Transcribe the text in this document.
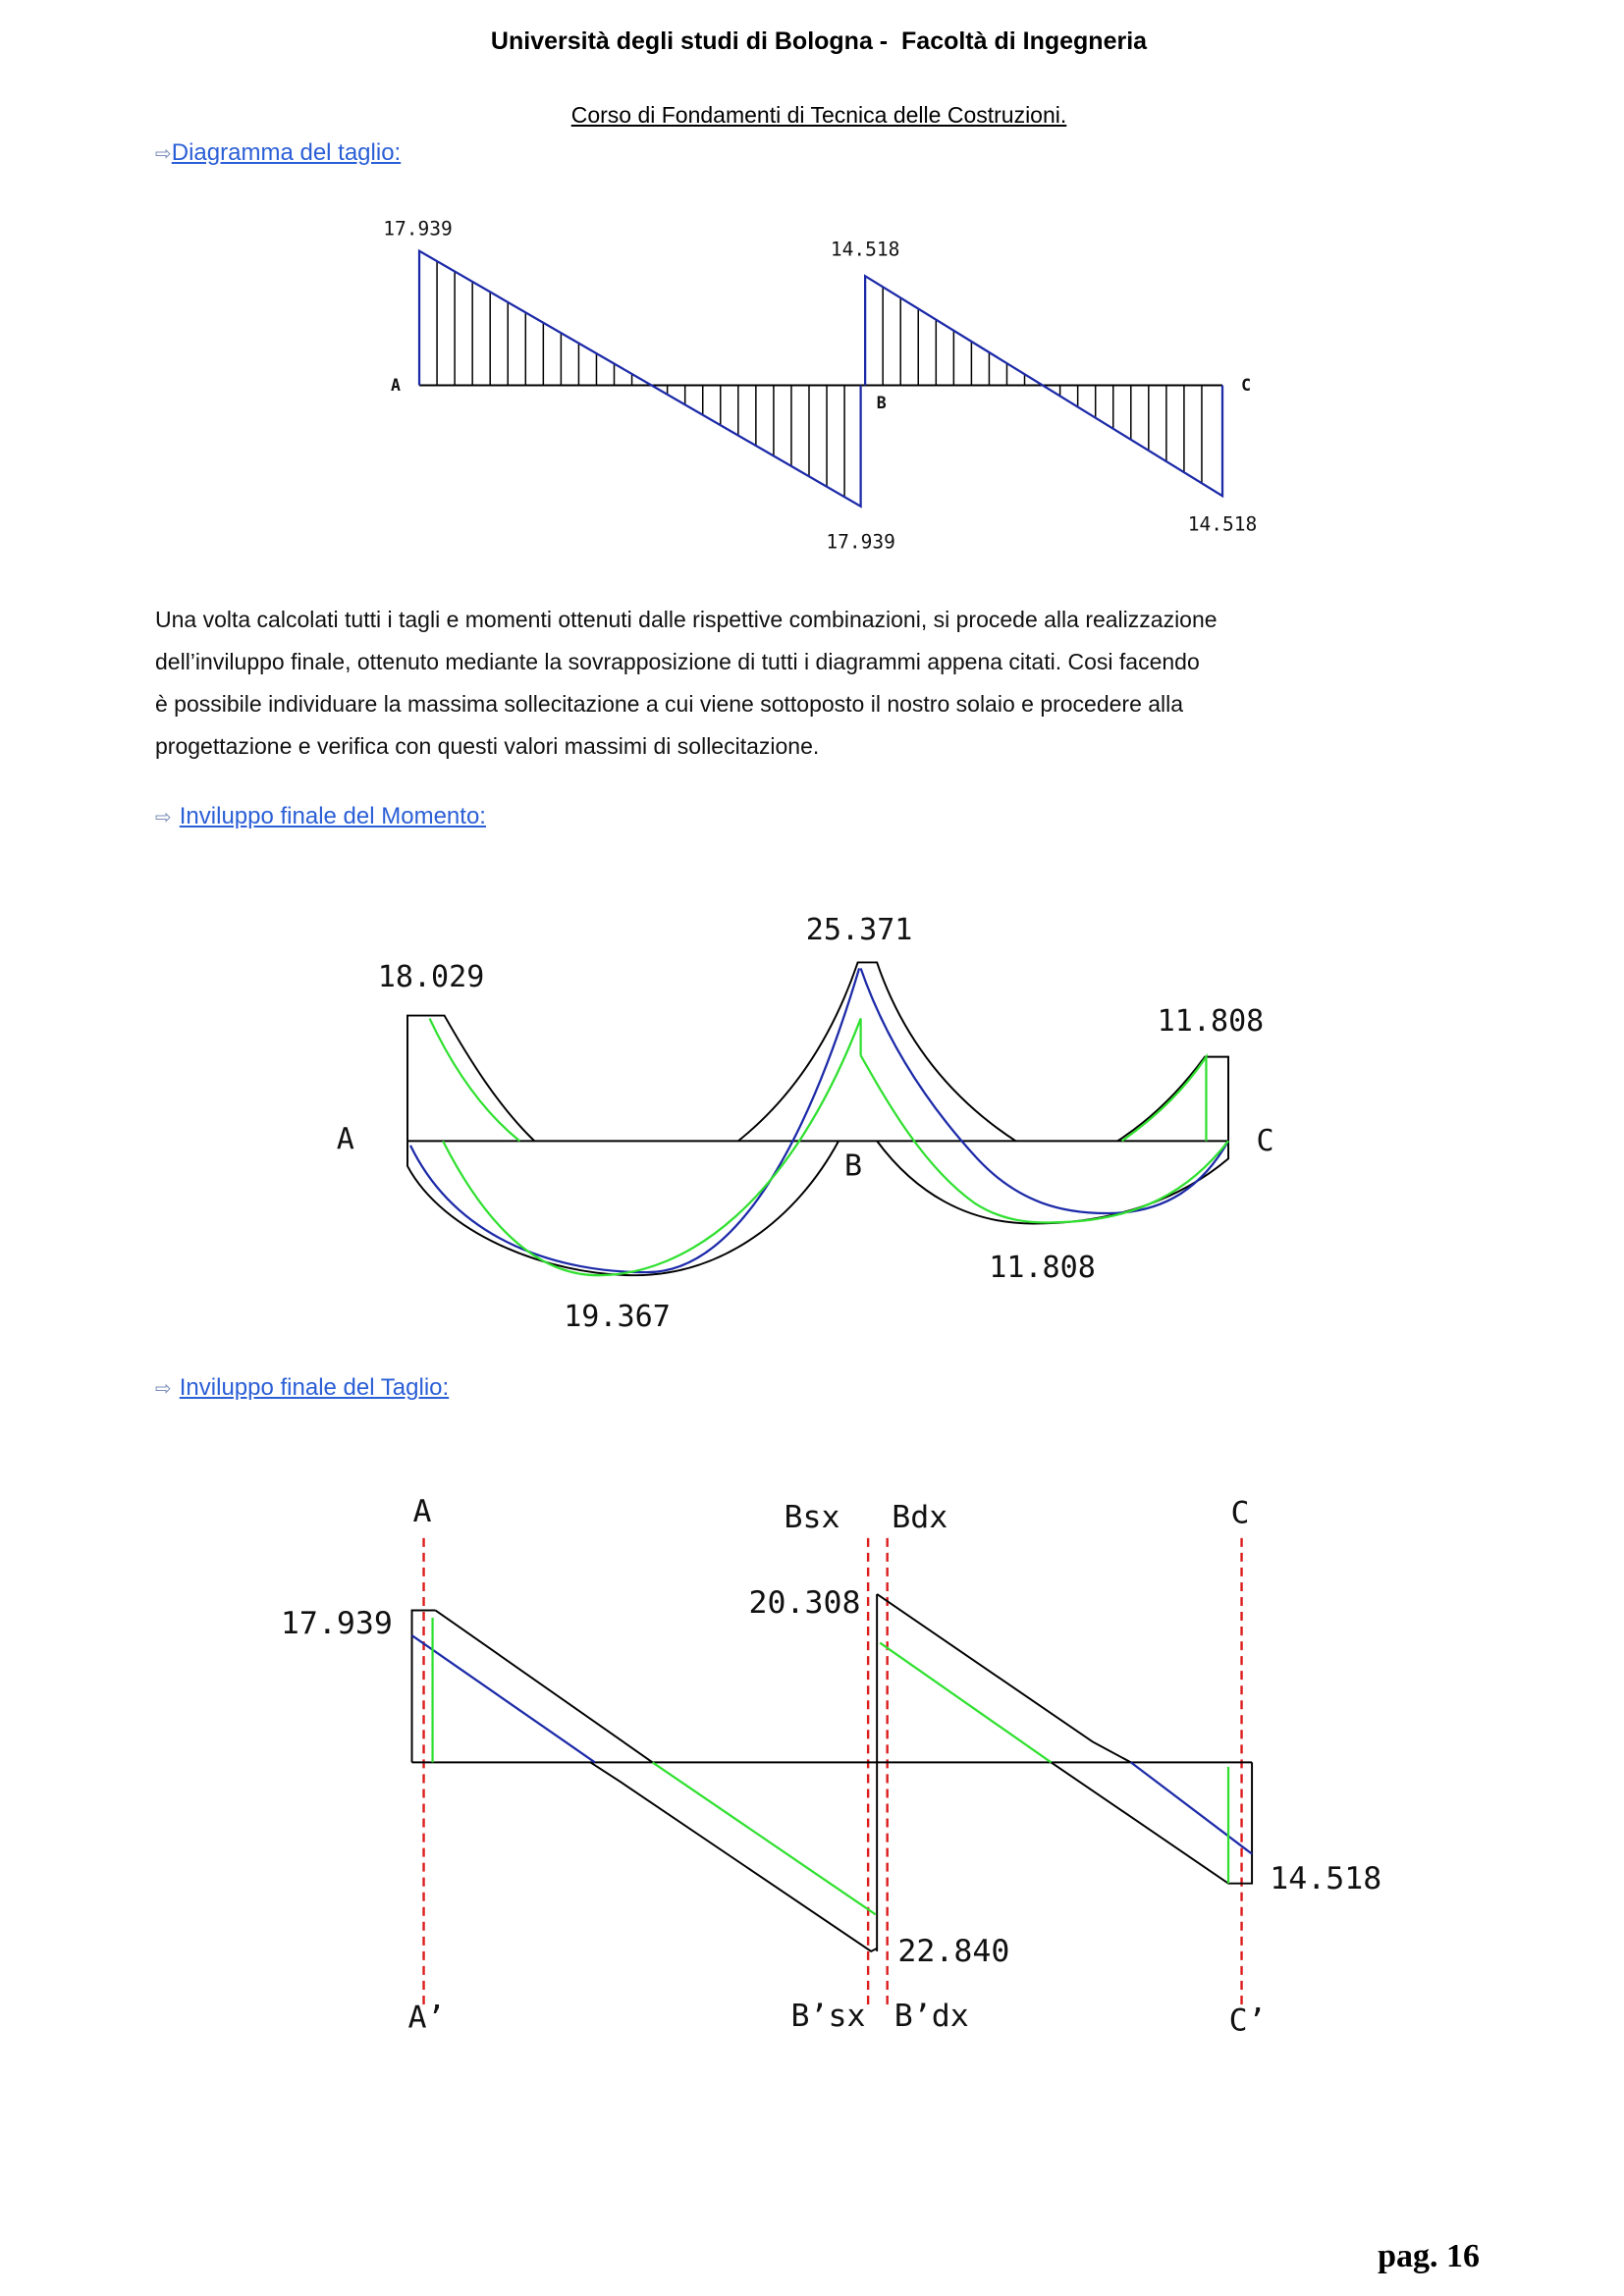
Università degli studi di Bologna -  Facoltà di Ingegneria
Corso di Fondamenti di Tecnica delle Costruzioni.
⇨Diagramma del taglio:
Una volta calcolati tutti i tagli e momenti ottenuti dalle rispettive combinazioni, si procede alla realizzazione
dell’inviluppo finale, ottenuto mediante la sovrapposizione di tutti i diagrammi appena citati. Cosi facendo
è possibile individuare la massima sollecitazione a cui viene sottoposto il nostro solaio e procedere alla
progettazione e verifica con questi valori massimi di sollecitazione.
⇨ Inviluppo finale del Momento:
⇨ Inviluppo finale del Taglio:
17.939
14.518
17.939
14.518
A
B
C
25.371
18.029
11.808
11.808
19.367
A
B
C
A	Bsx	Bdx	C
A’	B’sx B’dx	C’
17.939
20.308
22.840
14.518
pag. 16
